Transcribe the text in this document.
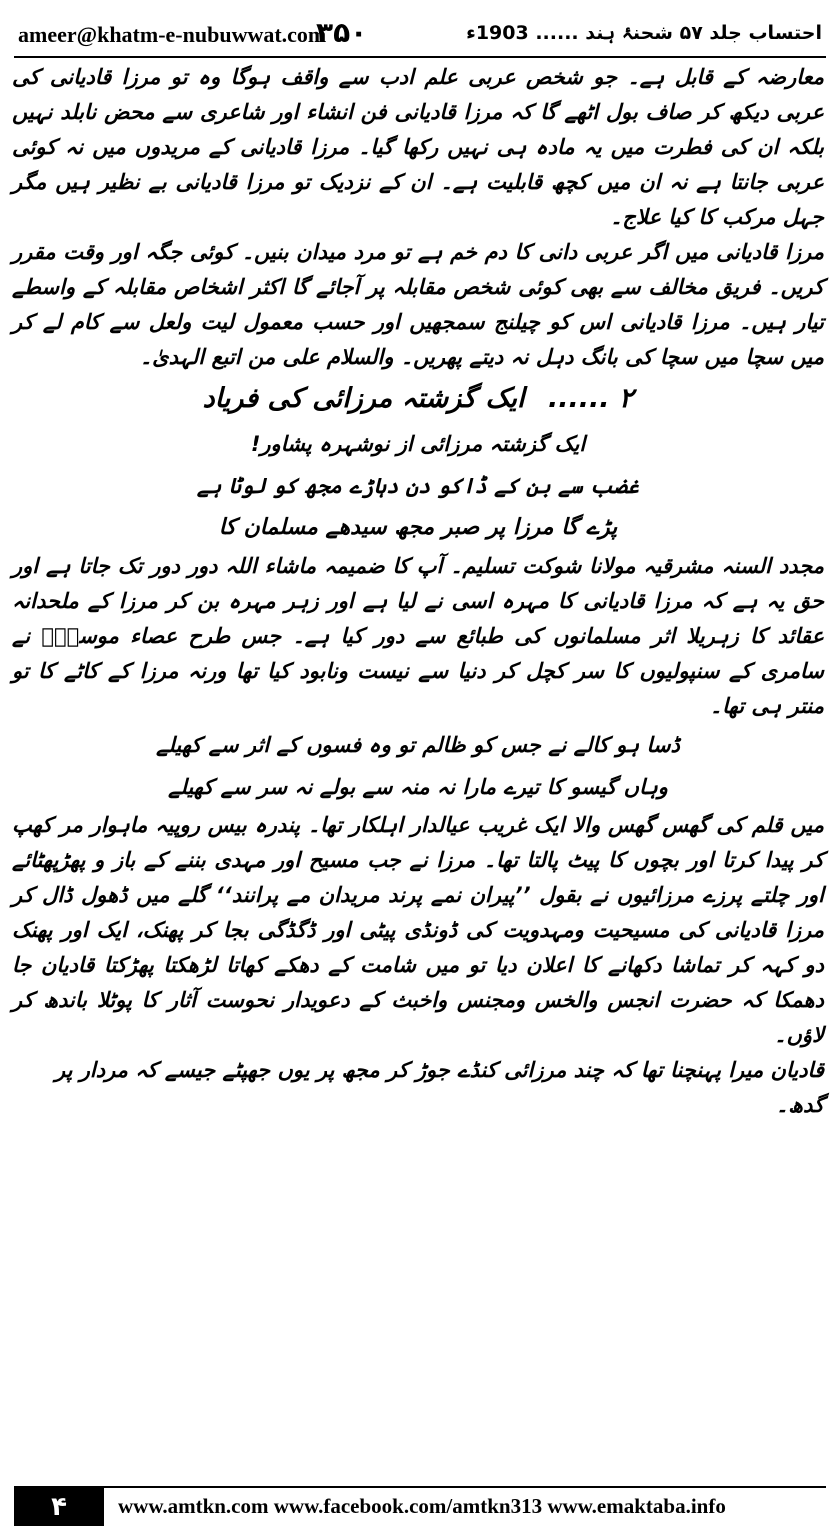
ameer@khatm-e-nubuwwat.com
۳۵۰	احتساب جلد ۵۷ شحنۂ ہند ...... 1903ء

معارضہ کے قابل ہے۔ جو شخص عربی علم ادب سے واقف ہوگا وہ تو مرزا قادیانی کی عربی دیکھ کر صاف بول اٹھے گا کہ مرزا قادیانی فن انشاء اور شاعری سے محض نابلد نہیں بلکہ ان کی فطرت میں یہ مادہ ہی نہیں رکھا گیا۔ مرزا قادیانی کے مریدوں میں نہ کوئی عربی جانتا ہے نہ ان میں کچھ قابلیت ہے۔ ان کے نزدیک تو مرزا قادیانی بے نظیر ہیں مگر جہل مرکب کا کیا علاج۔

مرزا قادیانی میں اگر عربی دانی کا دم خم ہے تو مرد میدان بنیں۔ کوئی جگہ اور وقت مقرر کریں۔ فریق مخالف سے بھی کوئی شخص مقابلہ پر آجائے گا اکثر اشخاص مقابلہ کے واسطے تیار ہیں۔ مرزا قادیانی اس کو چیلنج سمجھیں اور حسب معمول لیت ولعل سے کام لے کر میں سچا میں سچا کی بانگ دہل نہ دیتے پھریں۔ والسلام علی من اتبع الہدیٰ۔

۲ ...... ایک گزشتہ مرزائی کی فریاد
ایک گزشتہ مرزائی از نوشہرہ پشاور!
غضب سے بن کے ڈاکو دن دہاڑے مجھ کو لوٹا ہے
پڑے گا مرزا پر صبر مجھ سیدھے مسلمان کا

مجدد السنہ مشرقیہ مولانا شوکت تسلیم۔ آپ کا ضمیمہ ماشاء اللہ دور دور تک جاتا ہے اور حق یہ ہے کہ مرزا قادیانی کا مہرہ اسی نے لیا ہے اور زہر مہرہ بن کر مرزا کے ملحدانہ عقائد کا زہریلا اثر مسلمانوں کی طبائع سے دور کیا ہے۔ جس طرح عصاء موسیٰؑ نے سامری کے سنپولیوں کا سر کچل کر دنیا سے نیست ونابود کیا تھا ورنہ مرزا کے کاٹے کا تو منتر ہی تھا۔

ڈسا ہو کالے نے جس کو ظالم تو وہ فسوں کے اثر سے کھیلے
وہاں گیسو کا تیرے مارا نہ منہ سے بولے نہ سر سے کھیلے

میں قلم کی گھس گھس والا ایک غریب عیالدار اہلکار تھا۔ پندرہ بیس روپیہ ماہوار مر کھپ کر پیدا کرتا اور بچوں کا پیٹ پالتا تھا۔ مرزا نے جب مسیح اور مہدی بننے کے باز و پھڑپھٹائے اور چلتے پرزے مرزائیوں نے بقول ’’پیران نمے پرند مریدان مے پرانند‘‘ گلے میں ڈھول ڈال کر مرزا قادیانی کی مسیحیت ومہدویت کی ڈونڈی پیٹی اور ڈگڈگی بجا کر پھنک، ایک اور پھنک دو کہہ کر تماشا دکھانے کا اعلان دیا تو میں شامت کے دھکے کھاتا لڑھکتا پھڑکتا قادیان جا دھمکا کہ حضرت انجس والخس ومجنس واخبث کے دعویدار نحوست آثار کا پوٹلا باندھ کر لاؤں۔

قادیان میرا پہنچنا تھا کہ چند مرزائی کنڈے جوڑ کر مجھ پر یوں جھپٹے جیسے کہ مردار پر گدھ۔

۴	www.amtkn.com www.facebook.com/amtkn313 www.emaktaba.info
